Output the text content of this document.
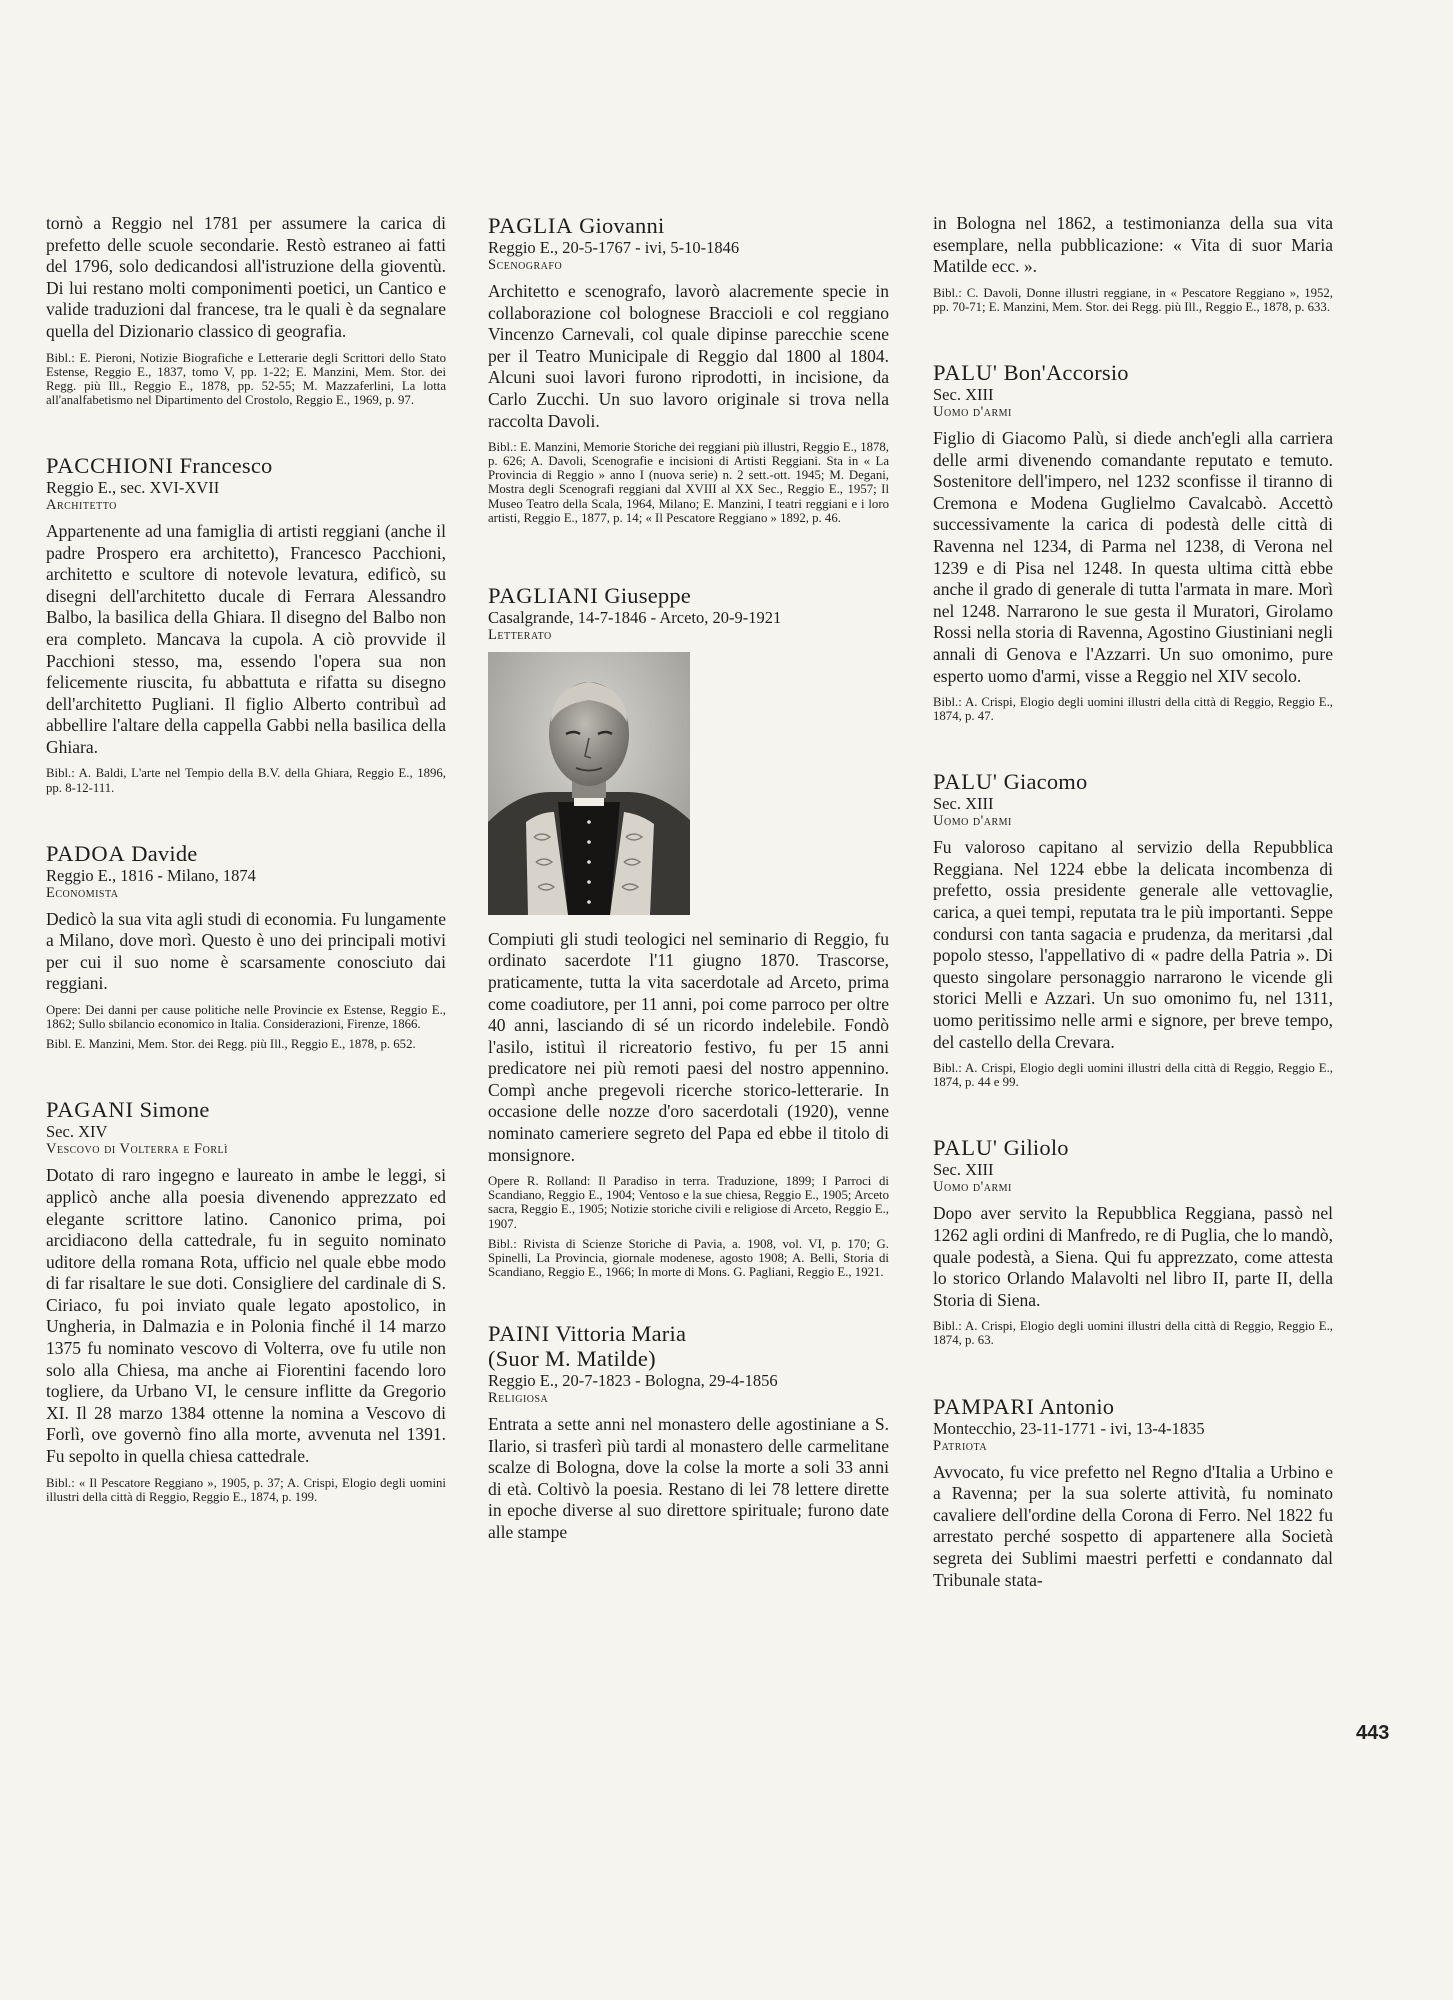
tornò a Reggio nel 1781 per assumere la carica di prefetto delle scuole secondarie. Restò estraneo ai fatti del 1796, solo dedicandosi all'istruzione della gioventù. Di lui restano molti componimenti poetici, un Cantico e valide traduzioni dal francese, tra le quali è da segnalare quella del Dizionario classico di geografia.

Bibl.: E. Pieroni, Notizie Biografiche e Letterarie degli Scrittori dello Stato Estense, Reggio E., 1837, tomo V, pp. 1-22; E. Manzini, Mem. Stor. dei Regg. più Ill., Reggio E., 1878, pp. 52-55; M. Mazzaferlini, La lotta all'analfabetismo nel Dipartimento del Crostolo, Reggio E., 1969, p. 97.

PACCHIONI Francesco

Reggio E., sec. XVI-XVII

Architetto

Appartenente ad una famiglia di artisti reggiani (anche il padre Prospero era architetto), Francesco Pacchioni, architetto e scultore di notevole levatura, edificò, su disegni dell'architetto ducale di Ferrara Alessandro Balbo, la basilica della Ghiara. Il disegno del Balbo non era completo. Mancava la cupola. A ciò provvide il Pacchioni stesso, ma, essendo l'opera sua non felicemente riuscita, fu abbattuta e rifatta su disegno dell'architetto Pugliani. Il figlio Alberto contribuì ad abbellire l'altare della cappella Gabbi nella basilica della Ghiara.

Bibl.: A. Baldi, L'arte nel Tempio della B.V. della Ghiara, Reggio E., 1896, pp. 8-12-111.

PADOA Davide

Reggio E., 1816 - Milano, 1874

Economista

Dedicò la sua vita agli studi di economia. Fu lungamente a Milano, dove morì. Questo è uno dei principali motivi per cui il suo nome è scarsamente conosciuto dai reggiani.

Opere: Dei danni per cause politiche nelle Provincie ex Estense, Reggio E., 1862; Sullo sbilancio economico in Italia. Considerazioni, Firenze, 1866.

Bibl. E. Manzini, Mem. Stor. dei Regg. più Ill., Reggio E., 1878, p. 652.

PAGANI Simone

Sec. XIV

Vescovo di Volterra e Forlì

Dotato di raro ingegno e laureato in ambe le leggi, si applicò anche alla poesia divenendo apprezzato ed elegante scrittore latino. Canonico prima, poi arcidiacono della cattedrale, fu in seguito nominato uditore della romana Rota, ufficio nel quale ebbe modo di far risaltare le sue doti. Consigliere del cardinale di S. Ciriaco, fu poi inviato quale legato apostolico, in Ungheria, in Dalmazia e in Polonia finché il 14 marzo 1375 fu nominato vescovo di Volterra, ove fu utile non solo alla Chiesa, ma anche ai Fiorentini facendo loro togliere, da Urbano VI, le censure inflitte da Gregorio XI. Il 28 marzo 1384 ottenne la nomina a Vescovo di Forlì, ove governò fino alla morte, avvenuta nel 1391. Fu sepolto in quella chiesa cattedrale.

Bibl.: « Il Pescatore Reggiano », 1905, p. 37; A. Crispi, Elogio degli uomini illustri della città di Reggio, Reggio E., 1874, p. 199.

PAGLIA Giovanni

Reggio E., 20-5-1767 - ivi, 5-10-1846

Scenografo

Architetto e scenografo, lavorò alacremente specie in collaborazione col bolognese Braccioli e col reggiano Vincenzo Carnevali, col quale dipinse parecchie scene per il Teatro Municipale di Reggio dal 1800 al 1804. Alcuni suoi lavori furono riprodotti, in incisione, da Carlo Zucchi. Un suo lavoro originale si trova nella raccolta Davoli.

Bibl.: E. Manzini, Memorie Storiche dei reggiani più illustri, Reggio E., 1878, p. 626; A. Davoli, Scenografie e incisioni di Artisti Reggiani. Sta in « La Provincia di Reggio » anno I (nuova serie) n. 2 sett.-ott. 1945; M. Degani, Mostra degli Scenografi reggiani dal XVIII al XX Sec., Reggio E., 1957; Il Museo Teatro della Scala, 1964, Milano; E. Manzini, I teatri reggiani e i loro artisti, Reggio E., 1877, p. 14; « Il Pescatore Reggiano » 1892, p. 46.

PAGLIANI Giuseppe

Casalgrande, 14-7-1846 - Arceto, 20-9-1921

Letterato

Compiuti gli studi teologici nel seminario di Reggio, fu ordinato sacerdote l'11 giugno 1870. Trascorse, praticamente, tutta la vita sacerdotale ad Arceto, prima come coadiutore, per 11 anni, poi come parroco per oltre 40 anni, lasciando di sé un ricordo indelebile. Fondò l'asilo, istituì il ricreatorio festivo, fu per 15 anni predicatore nei più remoti paesi del nostro appennino. Compì anche pregevoli ricerche storico-letterarie. In occasione delle nozze d'oro sacerdotali (1920), venne nominato cameriere segreto del Papa ed ebbe il titolo di monsignore.

Opere R. Rolland: Il Paradiso in terra. Traduzione, 1899; I Parroci di Scandiano, Reggio E., 1904; Ventoso e la sue chiesa, Reggio E., 1905; Arceto sacra, Reggio E., 1905; Notizie storiche civili e religiose di Arceto, Reggio E., 1907.

Bibl.: Rivista di Scienze Storiche di Pavia, a. 1908, vol. VI, p. 170; G. Spinelli, La Provincia, giornale modenese, agosto 1908; A. Belli, Storia di Scandiano, Reggio E., 1966; In morte di Mons. G. Pagliani, Reggio E., 1921.

PAINI Vittoria Maria
(Suor M. Matilde)

Reggio E., 20-7-1823 - Bologna, 29-4-1856

Religiosa

Entrata a sette anni nel monastero delle agostiniane a S. Ilario, si trasferì più tardi al monastero delle carmelitane scalze di Bologna, dove la colse la morte a soli 33 anni di età. Coltivò la poesia. Restano di lei 78 lettere dirette in epoche diverse al suo direttore spirituale; furono date alle stampe

in Bologna nel 1862, a testimonianza della sua vita esemplare, nella pubblicazione: « Vita di suor Maria Matilde ecc. ».

Bibl.: C. Davoli, Donne illustri reggiane, in « Pescatore Reggiano », 1952, pp. 70-71; E. Manzini, Mem. Stor. dei Regg. più Ill., Reggio E., 1878, p. 633.

PALU' Bon'Accorsio

Sec. XIII

Uomo d'armi

Figlio di Giacomo Palù, si diede anch'egli alla carriera delle armi divenendo comandante reputato e temuto. Sostenitore dell'impero, nel 1232 sconfisse il tiranno di Cremona e Modena Guglielmo Cavalcabò. Accettò successivamente la carica di podestà delle città di Ravenna nel 1234, di Parma nel 1238, di Verona nel 1239 e di Pisa nel 1248. In questa ultima città ebbe anche il grado di generale di tutta l'armata in mare. Morì nel 1248. Narrarono le sue gesta il Muratori, Girolamo Rossi nella storia di Ravenna, Agostino Giustiniani negli annali di Genova e l'Azzarri. Un suo omonimo, pure esperto uomo d'armi, visse a Reggio nel XIV secolo.

Bibl.: A. Crispi, Elogio degli uomini illustri della città di Reggio, Reggio E., 1874, p. 47.

PALU' Giacomo

Sec. XIII

Uomo d'armi

Fu valoroso capitano al servizio della Repubblica Reggiana. Nel 1224 ebbe la delicata incombenza di prefetto, ossia presidente generale alle vettovaglie, carica, a quei tempi, reputata tra le più importanti. Seppe condursi con tanta sagacia e prudenza, da meritarsi ,dal popolo stesso, l'appellativo di « padre della Patria ». Di questo singolare personaggio narrarono le vicende gli storici Melli e Azzari. Un suo omonimo fu, nel 1311, uomo peritissimo nelle armi e signore, per breve tempo, del castello della Crevara.

Bibl.: A. Crispi, Elogio degli uomini illustri della città di Reggio, Reggio E., 1874, p. 44 e 99.

PALU' Giliolo

Sec. XIII

Uomo d'armi

Dopo aver servito la Repubblica Reggiana, passò nel 1262 agli ordini di Manfredo, re di Puglia, che lo mandò, quale podestà, a Siena. Qui fu apprezzato, come attesta lo storico Orlando Malavolti nel libro II, parte II, della Storia di Siena.

Bibl.: A. Crispi, Elogio degli uomini illustri della città di Reggio, Reggio E., 1874, p. 63.

PAMPARI Antonio

Montecchio, 23-11-1771 - ivi, 13-4-1835

Patriota

Avvocato, fu vice prefetto nel Regno d'Italia a Urbino e a Ravenna; per la sua solerte attività, fu nominato cavaliere dell'ordine della Corona di Ferro. Nel 1822 fu arrestato perché sospetto di appartenere alla Società segreta dei Sublimi maestri perfetti e condannato dal Tribunale stata-

443
